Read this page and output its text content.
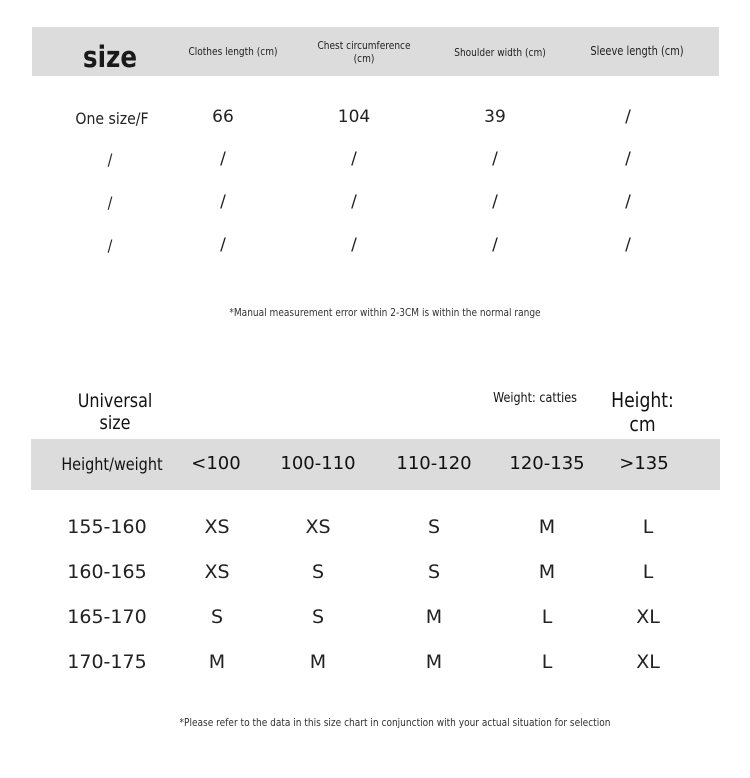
size	Clothes length (cm)	Chest circumference
(cm)	Shoulder width (cm)	Sleeve length (cm)
One size/F	66	104	39	/
/	/	/	/	/
/	/	/	/	/
/	/	/	/	/
*Manual measurement error within 2-3CM is within the normal range
Universal size
Weight: catties	Height: cm
Height/weight	<100	100-110	110-120	120-135	>135
155-160	XS	XS	S	M	L
160-165	XS	S	S	M	L
165-170	S	S	M	L	XL
170-175	M	M	M	L	XL
*Please refer to the data in this size chart in conjunction with your actual situation for selection
